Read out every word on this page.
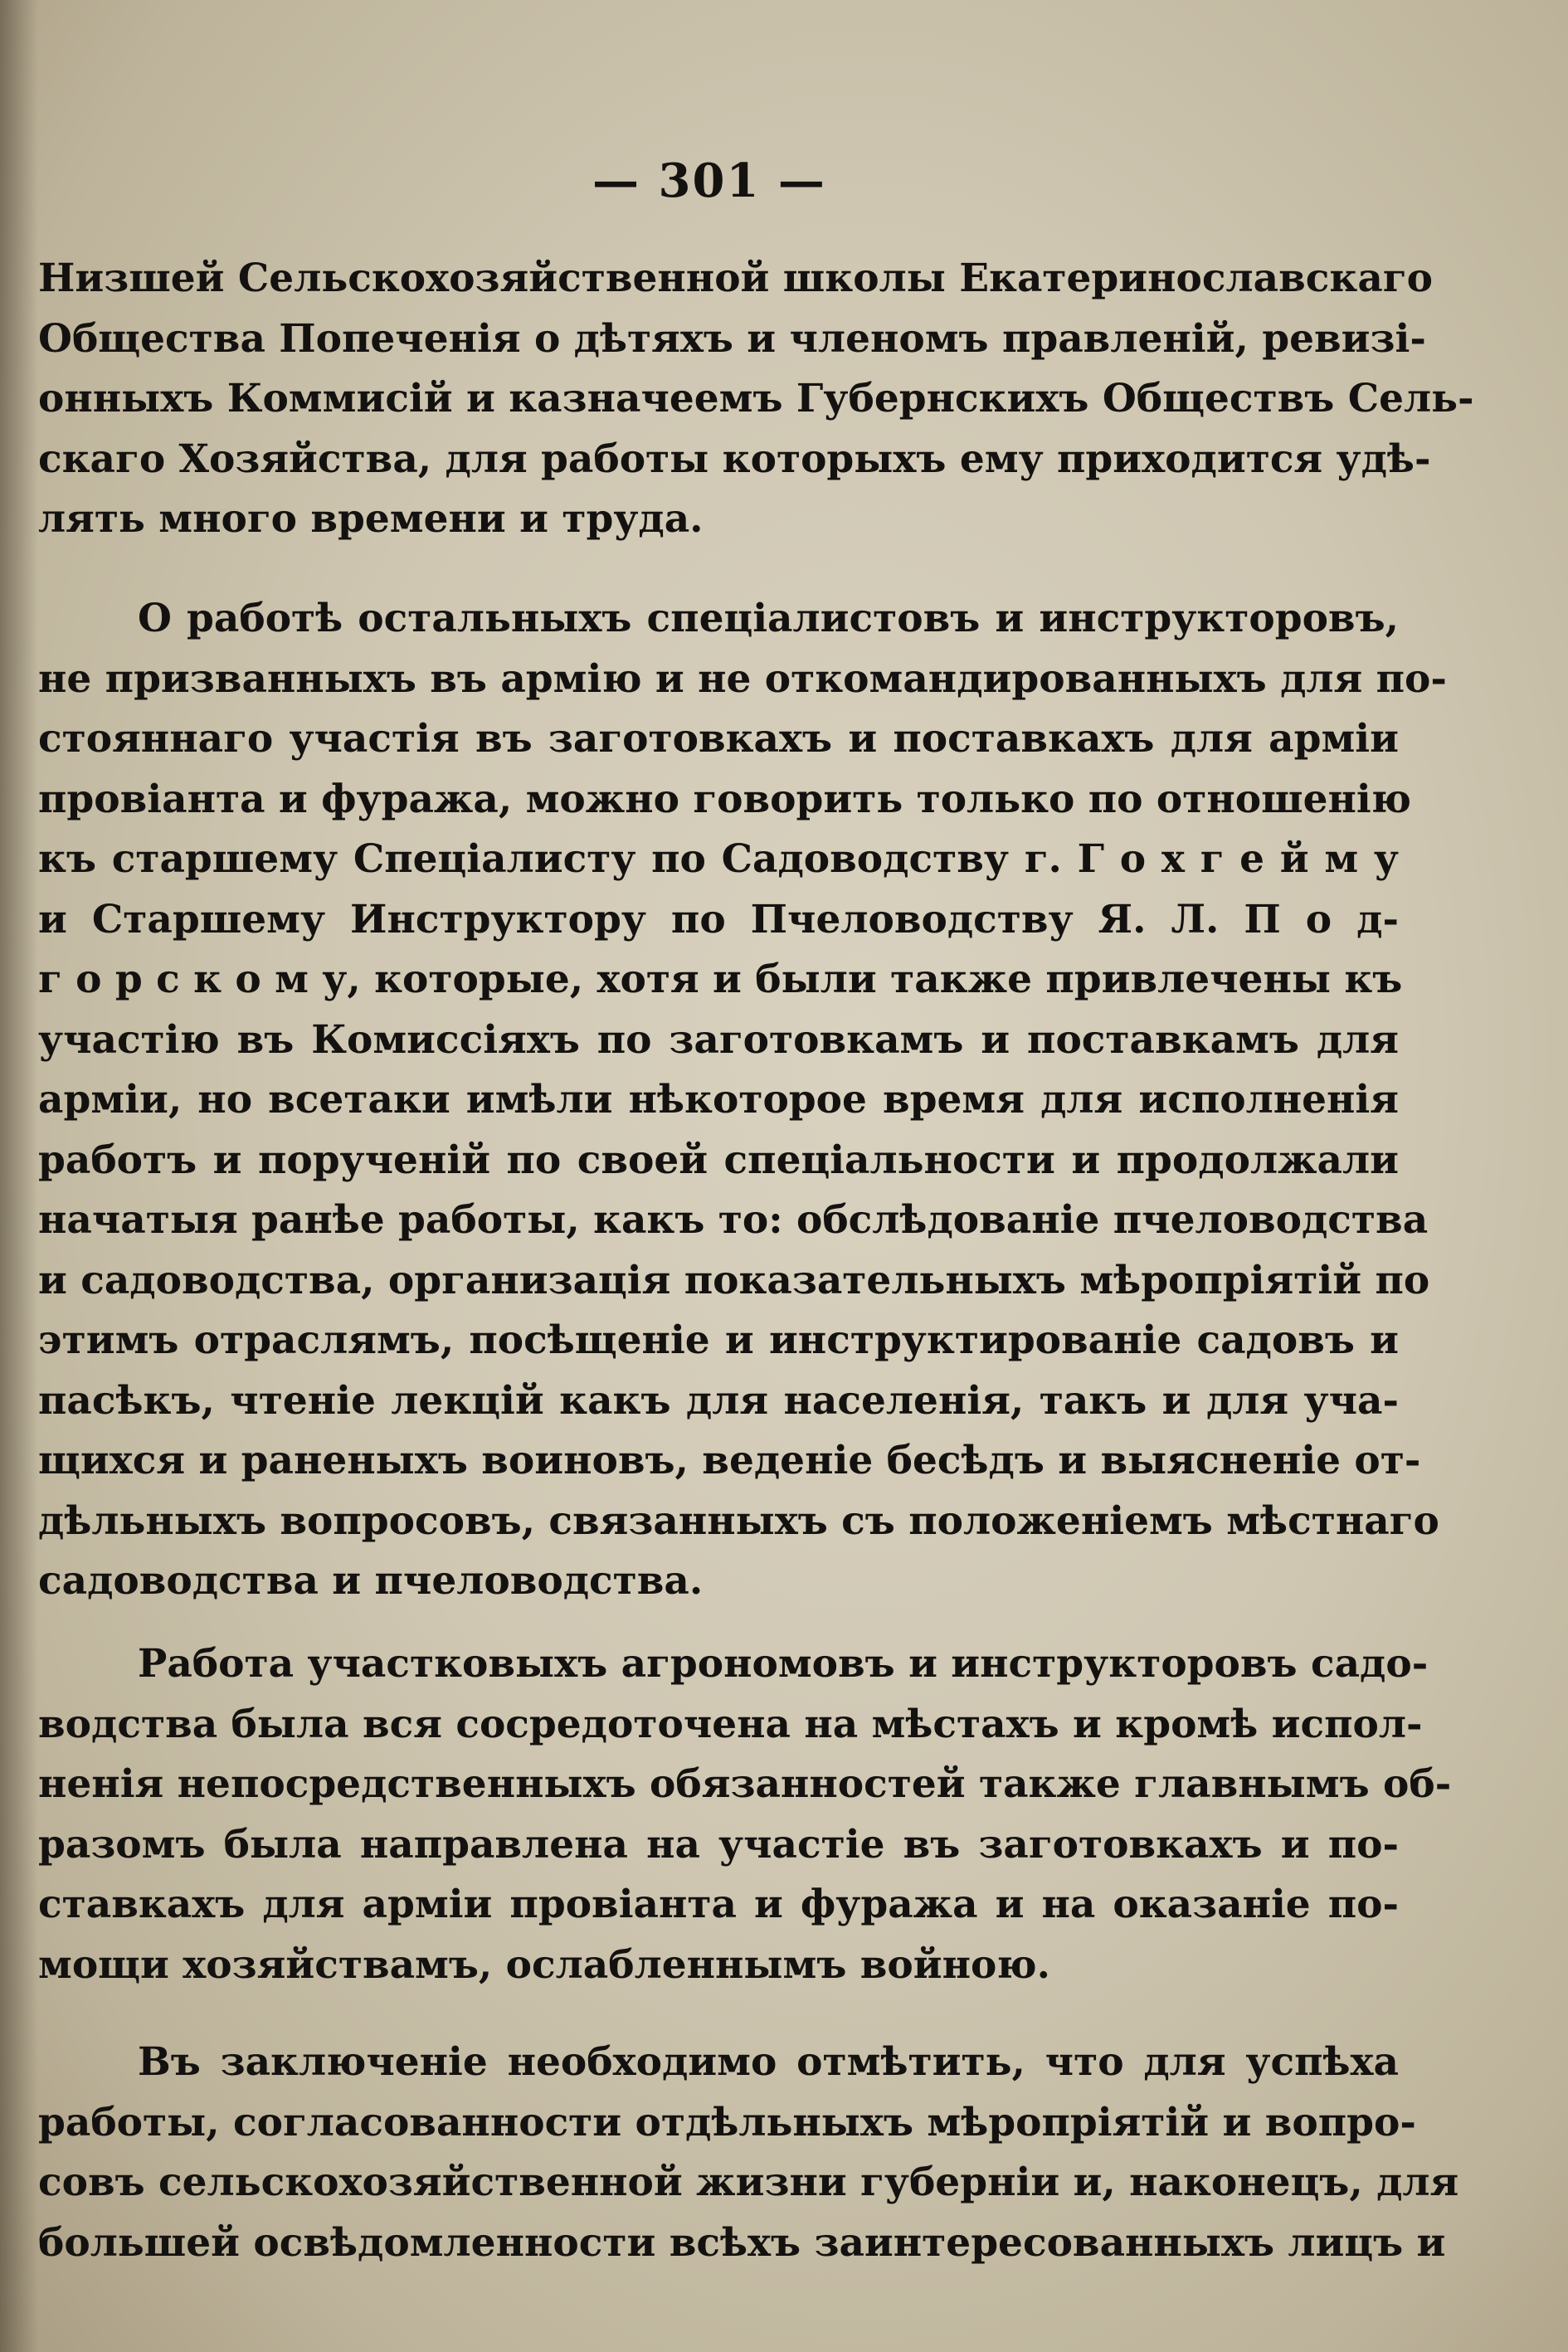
— 301 —
Низшей Сельскохозяйственной школы Екатеринославскаго
Общества Попеченія о дѣтяхъ и членомъ правленій, ревизі-
онныхъ Коммисій и казначеемъ Губернскихъ Обществъ Сель-
скаго Хозяйства, для работы которыхъ ему приходится удѣ-
лять много времени и труда.
О работѣ остальныхъ спеціалистовъ и инструкторовъ,
не призванныхъ въ армію и не откомандированныхъ для по-
стояннаго участія въ заготовкахъ и поставкахъ для арміи
провіанта и фуража, можно говорить только по отношенію
къ старшему Спеціалисту по Садоводству г. Г о х г е й м у
и Старшему Инструктору по Пчеловодству Я. Л. П о д-
г о р с к о м у, которые, хотя и были также привлечены къ
участію въ Комиссіяхъ по заготовкамъ и поставкамъ для
арміи, но всетаки имѣли нѣкоторое время для исполненія
работъ и порученій по своей спеціальности и продолжали
начатыя ранѣе работы, какъ то: обслѣдованіе пчеловодства
и садоводства, организація показательныхъ мѣропріятій по
этимъ отраслямъ, посѣщеніе и инструктированіе садовъ и
пасѣкъ, чтеніе лекцій какъ для населенія, такъ и для уча-
щихся и раненыхъ воиновъ, веденіе бесѣдъ и выясненіе от-
дѣльныхъ вопросовъ, связанныхъ съ положеніемъ мѣстнаго
садоводства и пчеловодства.
Работа участковыхъ агрономовъ и инструкторовъ садо-
водства была вся сосредоточена на мѣстахъ и кромѣ испол-
ненія непосредственныхъ обязанностей также главнымъ об-
разомъ была направлена на участіе въ заготовкахъ и по-
ставкахъ для арміи провіанта и фуража и на оказаніе по-
мощи хозяйствамъ, ослабленнымъ войною.
Въ заключеніе необходимо отмѣтить, что для успѣха
работы, согласованности отдѣльныхъ мѣропріятій и вопро-
совъ сельскохозяйственной жизни губерніи и, наконецъ, для
большей освѣдомленности всѣхъ заинтересованныхъ лицъ и
